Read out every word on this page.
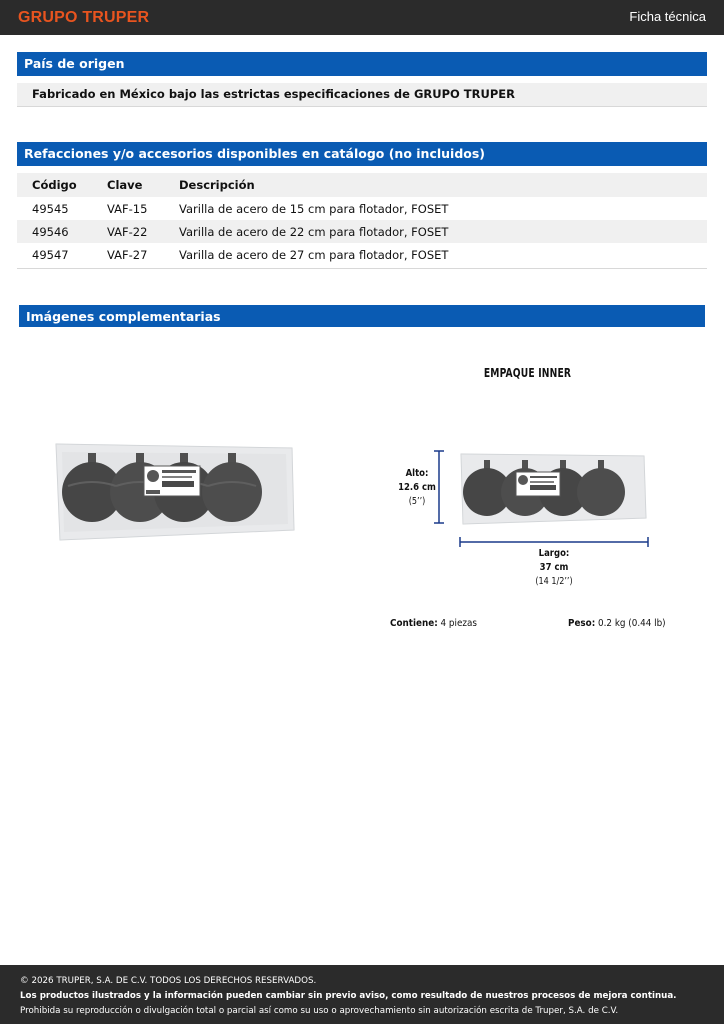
GRUPO TRUPER	Ficha técnica
País de origen
Fabricado en México bajo las estrictas especificaciones de GRUPO TRUPER
Refacciones y/o accesorios disponibles en catálogo (no incluidos)
Código	Clave	Descripción
49545	VAF-15	Varilla de acero de 15 cm para flotador, FOSET
49546	VAF-22	Varilla de acero de 22 cm para flotador, FOSET
49547	VAF-27	Varilla de acero de 27 cm para flotador, FOSET
Imágenes complementarias
EMPAQUE INNER
Alto:
12.6 cm
(5’’)
Largo:
37 cm
(14 1/2’’)
Contiene: 4 piezas	Peso: 0.2 kg (0.44 lb)
© 2026 TRUPER, S.A. DE C.V. TODOS LOS DERECHOS RESERVADOS.
Los productos ilustrados y la información pueden cambiar sin previo aviso, como resultado de nuestros procesos de mejora continua.
Prohibida su reproducción o divulgación total o parcial así como su uso o aprovechamiento sin autorización escrita de Truper, S.A. de C.V.
